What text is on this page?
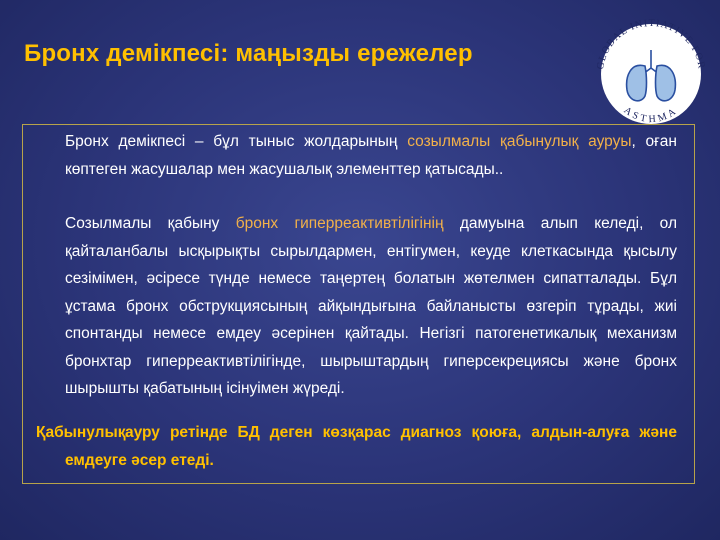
Бронх демікпесі: маңызды ережелер	GLOBAL INITIATIVE FOR
ASTHMA

Бронх демікпесі – бұл тыныс жолдарының созылмалы қабынулық ауруы, оған көптеген жасушалар мен жасушалық элементтер қатысады..

Созылмалы қабыну бронх гиперреактивтілігінің дамуына алып келеді, ол қайталанбалы ысқырықты сырылдармен, ентігумен, кеуде клеткасында қысылу сезімімен, әсіресе түнде немесе таңертең болатын жөтелмен сипатталады. Бұл ұстама бронх обструкциясының айқындығына байланысты өзгеріп тұрады, жиі спонтанды немесе емдеу әсерінен қайтады. Негізгі патогенетикалық механизм бронхтар гиперреактивтілігінде, шырыштардың гиперсекрециясы және бронх шырышты қабатының ісінуімен жүреді.

Қабынулық ауру ретінде БД деген көзқарас диагноз қоюға, алдын-алуға және емдеуге әсер етеді.
